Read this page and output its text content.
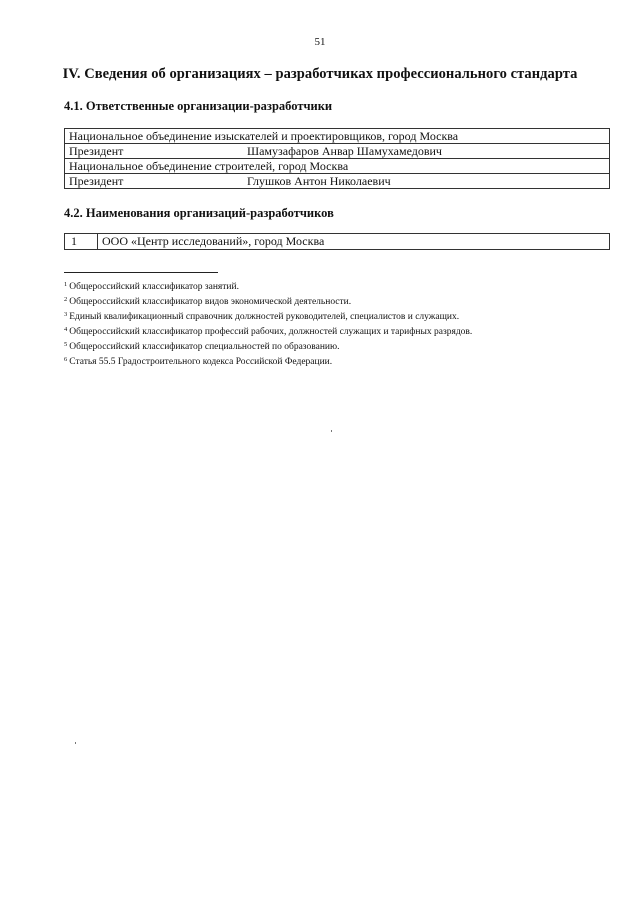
51
IV. Сведения об организациях – разработчиках профессионального стандарта
4.1. Ответственные организации-разработчики
Национальное объединение изыскателей и проектировщиков, город Москва	
Президент	Шамузафаров Анвар Шамухамедович
Национальное объединение строителей, город Москва	
Президент	Глушков Антон Николаевич
4.2. Наименования организаций-разработчиков
1	ООО «Центр исследований», город Москва
$^1$ Общероссийский классификатор занятий.
$^2$ Общероссийский классификатор видов экономической деятельности.
$^3$ Единый квалификационный справочник должностей руководителей, специалистов и служащих.
$^4$ Общероссийский классификатор профессий рабочих, должностей служащих и тарифных разрядов.
$^5$ Общероссийский классификатор специальностей по образованию.
$^6$ Статья 55.5 Градостроительного кодекса Российской Федерации.
